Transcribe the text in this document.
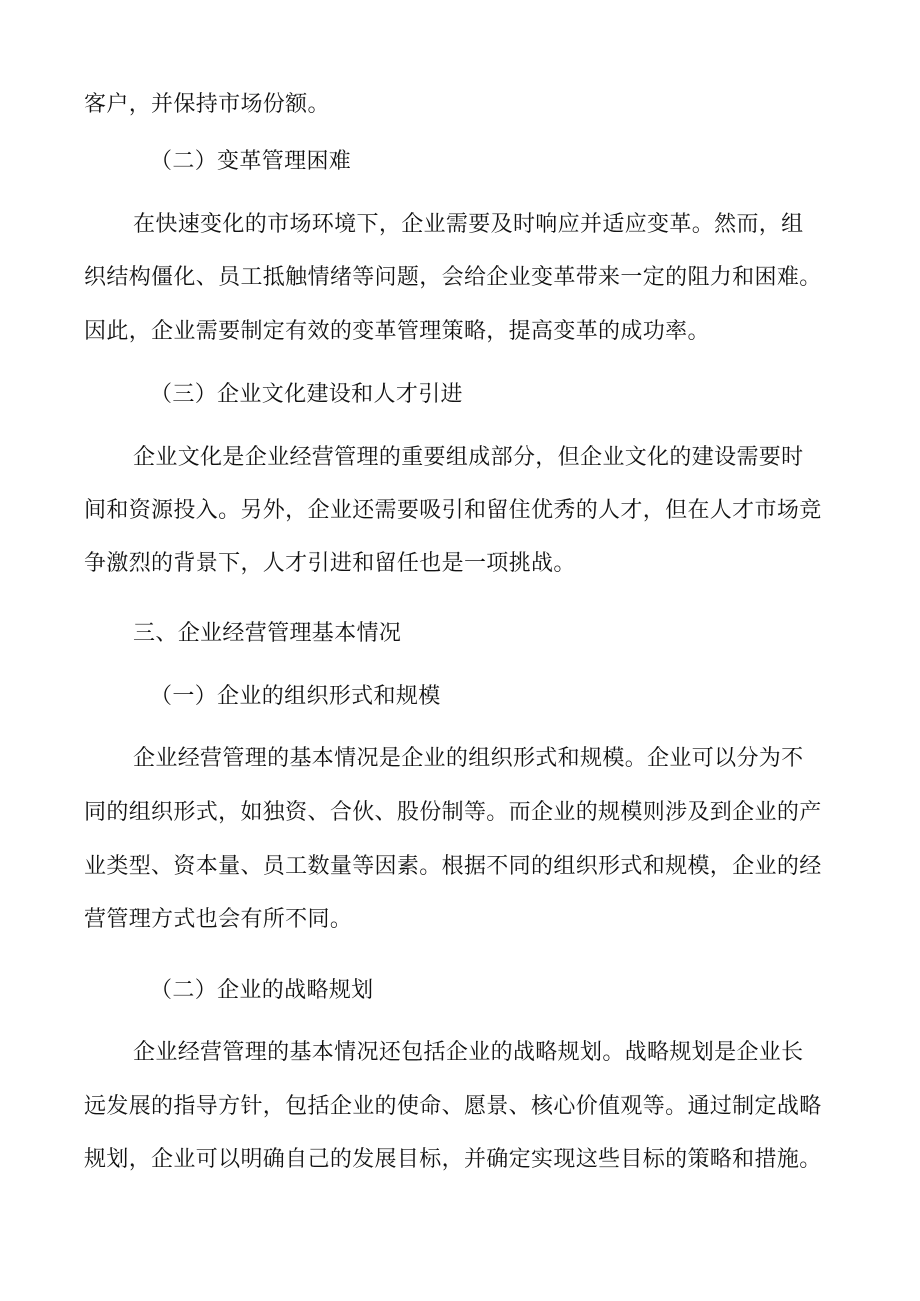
客户，并保持市场份额。
（二）变革管理困难
在快速变化的市场环境下，企业需要及时响应并适应变革。然而，组
织结构僵化、员工抵触情绪等问题，会给企业变革带来一定的阻力和困难。
因此，企业需要制定有效的变革管理策略，提高变革的成功率。
（三）企业文化建设和人才引进
企业文化是企业经营管理的重要组成部分，但企业文化的建设需要时
间和资源投入。另外，企业还需要吸引和留住优秀的人才，但在人才市场竞
争激烈的背景下，人才引进和留任也是一项挑战。
三、企业经营管理基本情况
（一）企业的组织形式和规模
企业经营管理的基本情况是企业的组织形式和规模。企业可以分为不
同的组织形式，如独资、合伙、股份制等。而企业的规模则涉及到企业的产
业类型、资本量、员工数量等因素。根据不同的组织形式和规模，企业的经
营管理方式也会有所不同。
（二）企业的战略规划
企业经营管理的基本情况还包括企业的战略规划。战略规划是企业长
远发展的指导方针，包括企业的使命、愿景、核心价值观等。通过制定战略
规划，企业可以明确自己的发展目标，并确定实现这些目标的策略和措施。
